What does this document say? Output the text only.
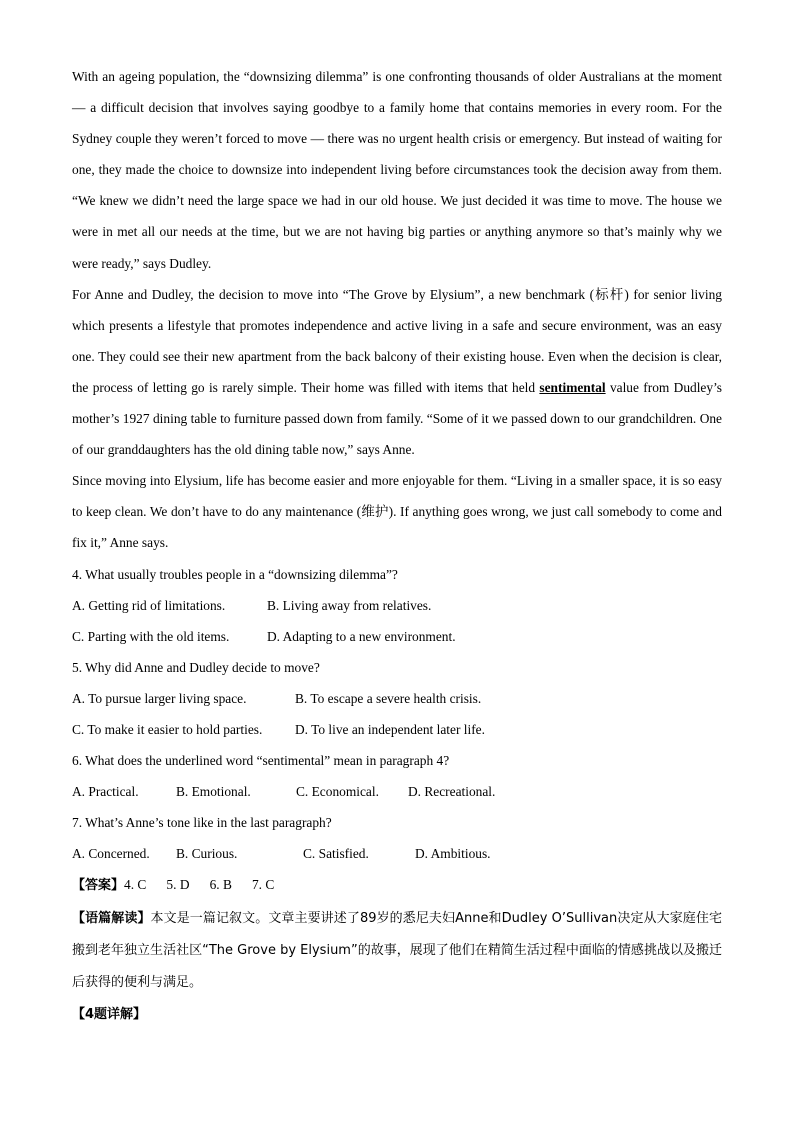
With an ageing population, the “downsizing dilemma” is one confronting thousands of older Australians at the moment — a difficult decision that involves saying goodbye to a family home that contains memories in every room. For the Sydney couple they weren’t forced to move — there was no urgent health crisis or emergency. But instead of waiting for one, they made the choice to downsize into independent living before circumstances took the decision away from them. “We knew we didn’t need the large space we had in our old house. We just decided it was time to move. The house we were in met all our needs at the time, but we are not having big parties or anything anymore so that’s mainly why we were ready,” says Dudley.

For Anne and Dudley, the decision to move into “The Grove by Elysium”, a new benchmark (标杆) for senior living which presents a lifestyle that promotes independence and active living in a safe and secure environment, was an easy one. They could see their new apartment from the back balcony of their existing house. Even when the decision is clear, the process of letting go is rarely simple. Their home was filled with items that held sentimental value from Dudley’s mother’s 1927 dining table to furniture passed down from family. “Some of it we passed down to our grandchildren. One of our granddaughters has the old dining table now,” says Anne.

Since moving into Elysium, life has become easier and more enjoyable for them. “Living in a smaller space, it is so easy to keep clean. We don’t have to do any maintenance (维护). If anything goes wrong, we just call somebody to come and fix it,” Anne says.

4. What usually troubles people in a “downsizing dilemma”?

A. Getting rid of limitations.	B. Living away from relatives.
C. Parting with the old items.	D. Adapting to a new environment.

5. Why did Anne and Dudley decide to move?

A. To pursue larger living space.	B. To escape a severe health crisis.
C. To make it easier to hold parties.	D. To live an independent later life.

6. What does the underlined word “sentimental” mean in paragraph 4?

A. Practical.	B. Emotional.	C. Economical.	D. Recreational.

7. What’s Anne’s tone like in the last paragraph?

A. Concerned.	B. Curious.	C. Satisfied.	D. Ambitious.

【答案】4. C      5. D      6. B      7. C

【语篇解读】本文是一篇记叙文。文章主要讲述了89岁的悉尼夫妇Anne和Dudley O’Sullivan决定从大家庭住宅搬到老年独立生活社区“The Grove by Elysium”的故事，展现了他们在精简生活过程中面临的情感挑战以及搬迁后获得的便利与满足。

【4题详解】
